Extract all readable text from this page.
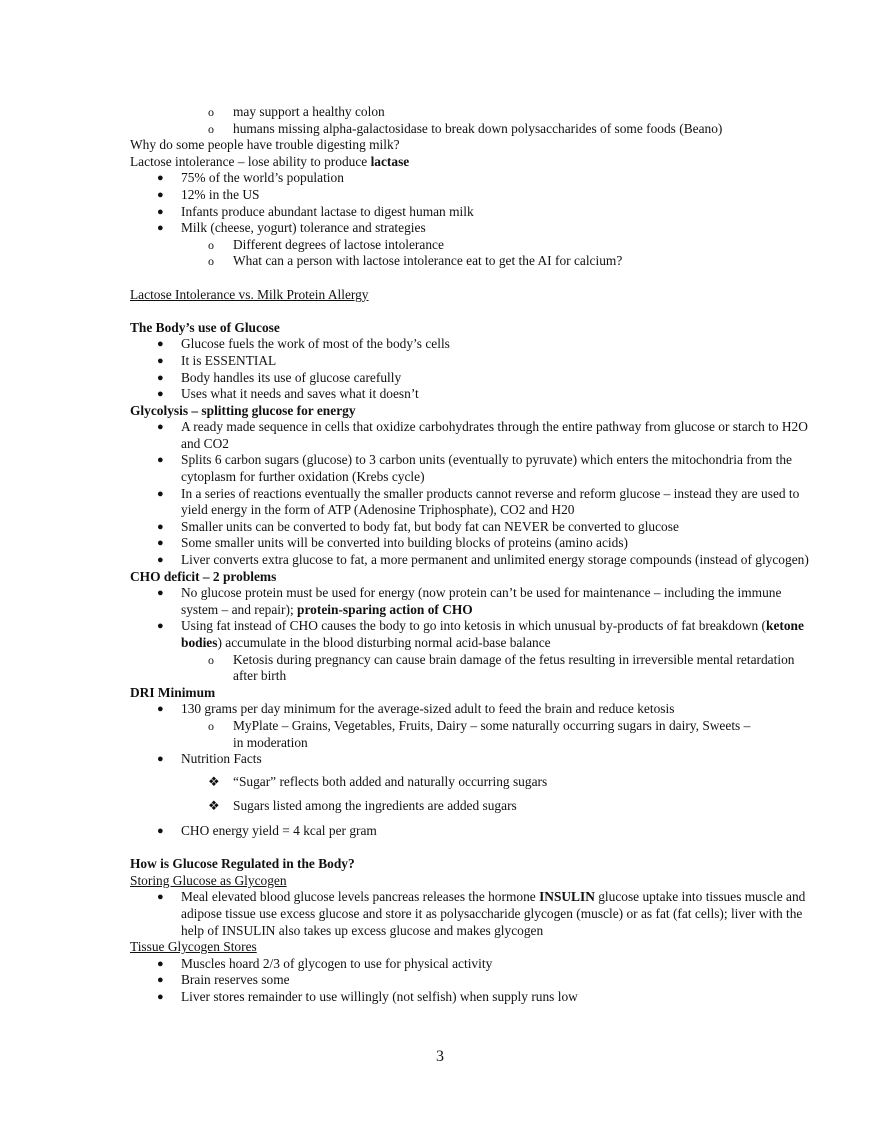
o may support a healthy colon

o humans missing alpha-galactosidase to break down polysaccharides of some foods (Beano)

Why do some people have trouble digesting milk?

Lactose intolerance – lose ability to produce lactase

● 75% of the world’s population

● 12% in the US

● Infants produce abundant lactase to digest human milk

● Milk (cheese, yogurt) tolerance and strategies

o Different degrees of lactose intolerance

o What can a person with lactose intolerance eat to get the AI for calcium?

Lactose Intolerance vs. Milk Protein Allergy

The Body’s use of Glucose

● Glucose fuels the work of most of the body’s cells

● It is ESSENTIAL

● Body handles its use of glucose carefully

● Uses what it needs and saves what it doesn’t

Glycolysis – splitting glucose for energy

● A ready made sequence in cells that oxidize carbohydrates through the entire pathway from glucose or starch to H2O and CO2

● Splits 6 carbon sugars (glucose) to 3 carbon units (eventually to pyruvate) which enters the mitochondria from the cytoplasm for further oxidation (Krebs cycle)

● In a series of reactions eventually the smaller products cannot reverse and reform glucose – instead they are used to yield energy in the form of ATP (Adenosine Triphosphate), CO2 and H20

● Smaller units can be converted to body fat, but body fat can NEVER be converted to glucose

● Some smaller units will be converted into building blocks of proteins (amino acids)

● Liver converts extra glucose to fat, a more permanent and unlimited energy storage compounds (instead of glycogen)

CHO deficit – 2 problems

● No glucose protein must be used for energy (now protein can’t be used for maintenance – including the immune system – and repair); protein-sparing action of CHO

● Using fat instead of CHO causes the body to go into ketosis in which unusual by-products of fat breakdown (ketone bodies) accumulate in the blood disturbing normal acid-base balance

o Ketosis during pregnancy can cause brain damage of the fetus resulting in irreversible mental retardation after birth

DRI Minimum

● 130 grams per day minimum for the average-sized adult to feed the brain and reduce ketosis

o MyPlate – Grains, Vegetables, Fruits, Dairy – some naturally occurring sugars in dairy, Sweets – in moderation

● Nutrition Facts

❖ “Sugar” reflects both added and naturally occurring sugars

❖ Sugars listed among the ingredients are added sugars

● CHO energy yield = 4 kcal per gram

How is Glucose Regulated in the Body?

Storing Glucose as Glycogen

● Meal elevated blood glucose levels pancreas releases the hormone INSULIN glucose uptake into tissues muscle and adipose tissue use excess glucose and store it as polysaccharide glycogen (muscle) or as fat (fat cells); liver with the help of INSULIN also takes up excess glucose and makes glycogen

Tissue Glycogen Stores

● Muscles hoard 2/3 of glycogen to use for physical activity

● Brain reserves some

● Liver stores remainder to use willingly (not selfish) when supply runs low

3
